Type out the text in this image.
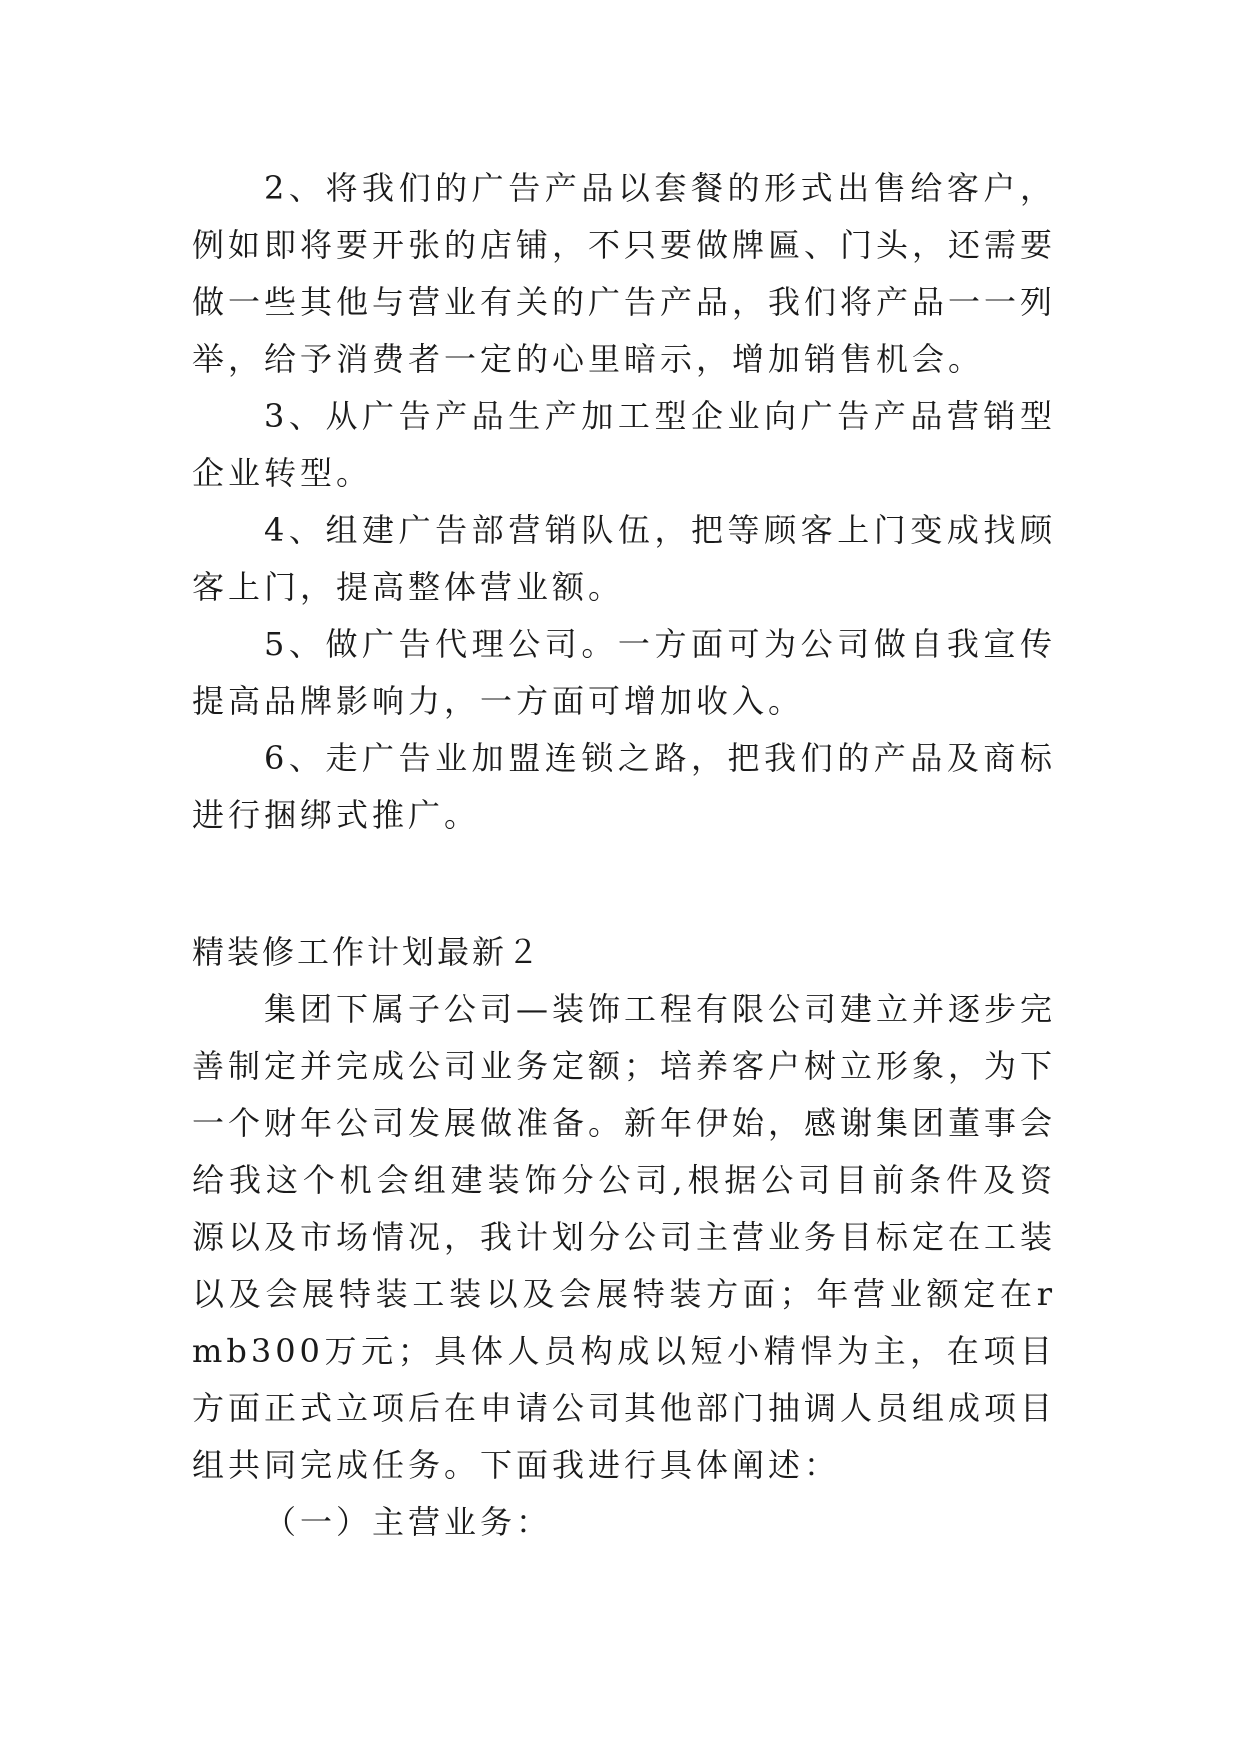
2、将我们的广告产品以套餐的形式出售给客户，例如即将要开张的店铺，不只要做牌匾、门头，还需要做一些其他与营业有关的广告产品，我们将产品一一列举，给予消费者一定的心里暗示，增加销售机会。

3、从广告产品生产加工型企业向广告产品营销型企业转型。

4、组建广告部营销队伍，把等顾客上门变成找顾客上门，提高整体营业额。

5、做广告代理公司。一方面可为公司做自我宣传提高品牌影响力，一方面可增加收入。

6、走广告业加盟连锁之路，把我们的产品及商标进行捆绑式推广。

精装修工作计划最新２

集团下属子公司—装饰工程有限公司建立并逐步完善制定并完成公司业务定额；培养客户树立形象，为下一个财年公司发展做准备。新年伊始，感谢集团董事会给我这个机会组建装饰分公司,根据公司目前条件及资源以及市场情况，我计划分公司主营业务目标定在工装以及会展特装工装以及会展特装方面；年营业额定在rmb300万元；具体人员构成以短小精悍为主，在项目方面正式立项后在申请公司其他部门抽调人员组成项目组共同完成任务。下面我进行具体阐述：

（一）主营业务：
